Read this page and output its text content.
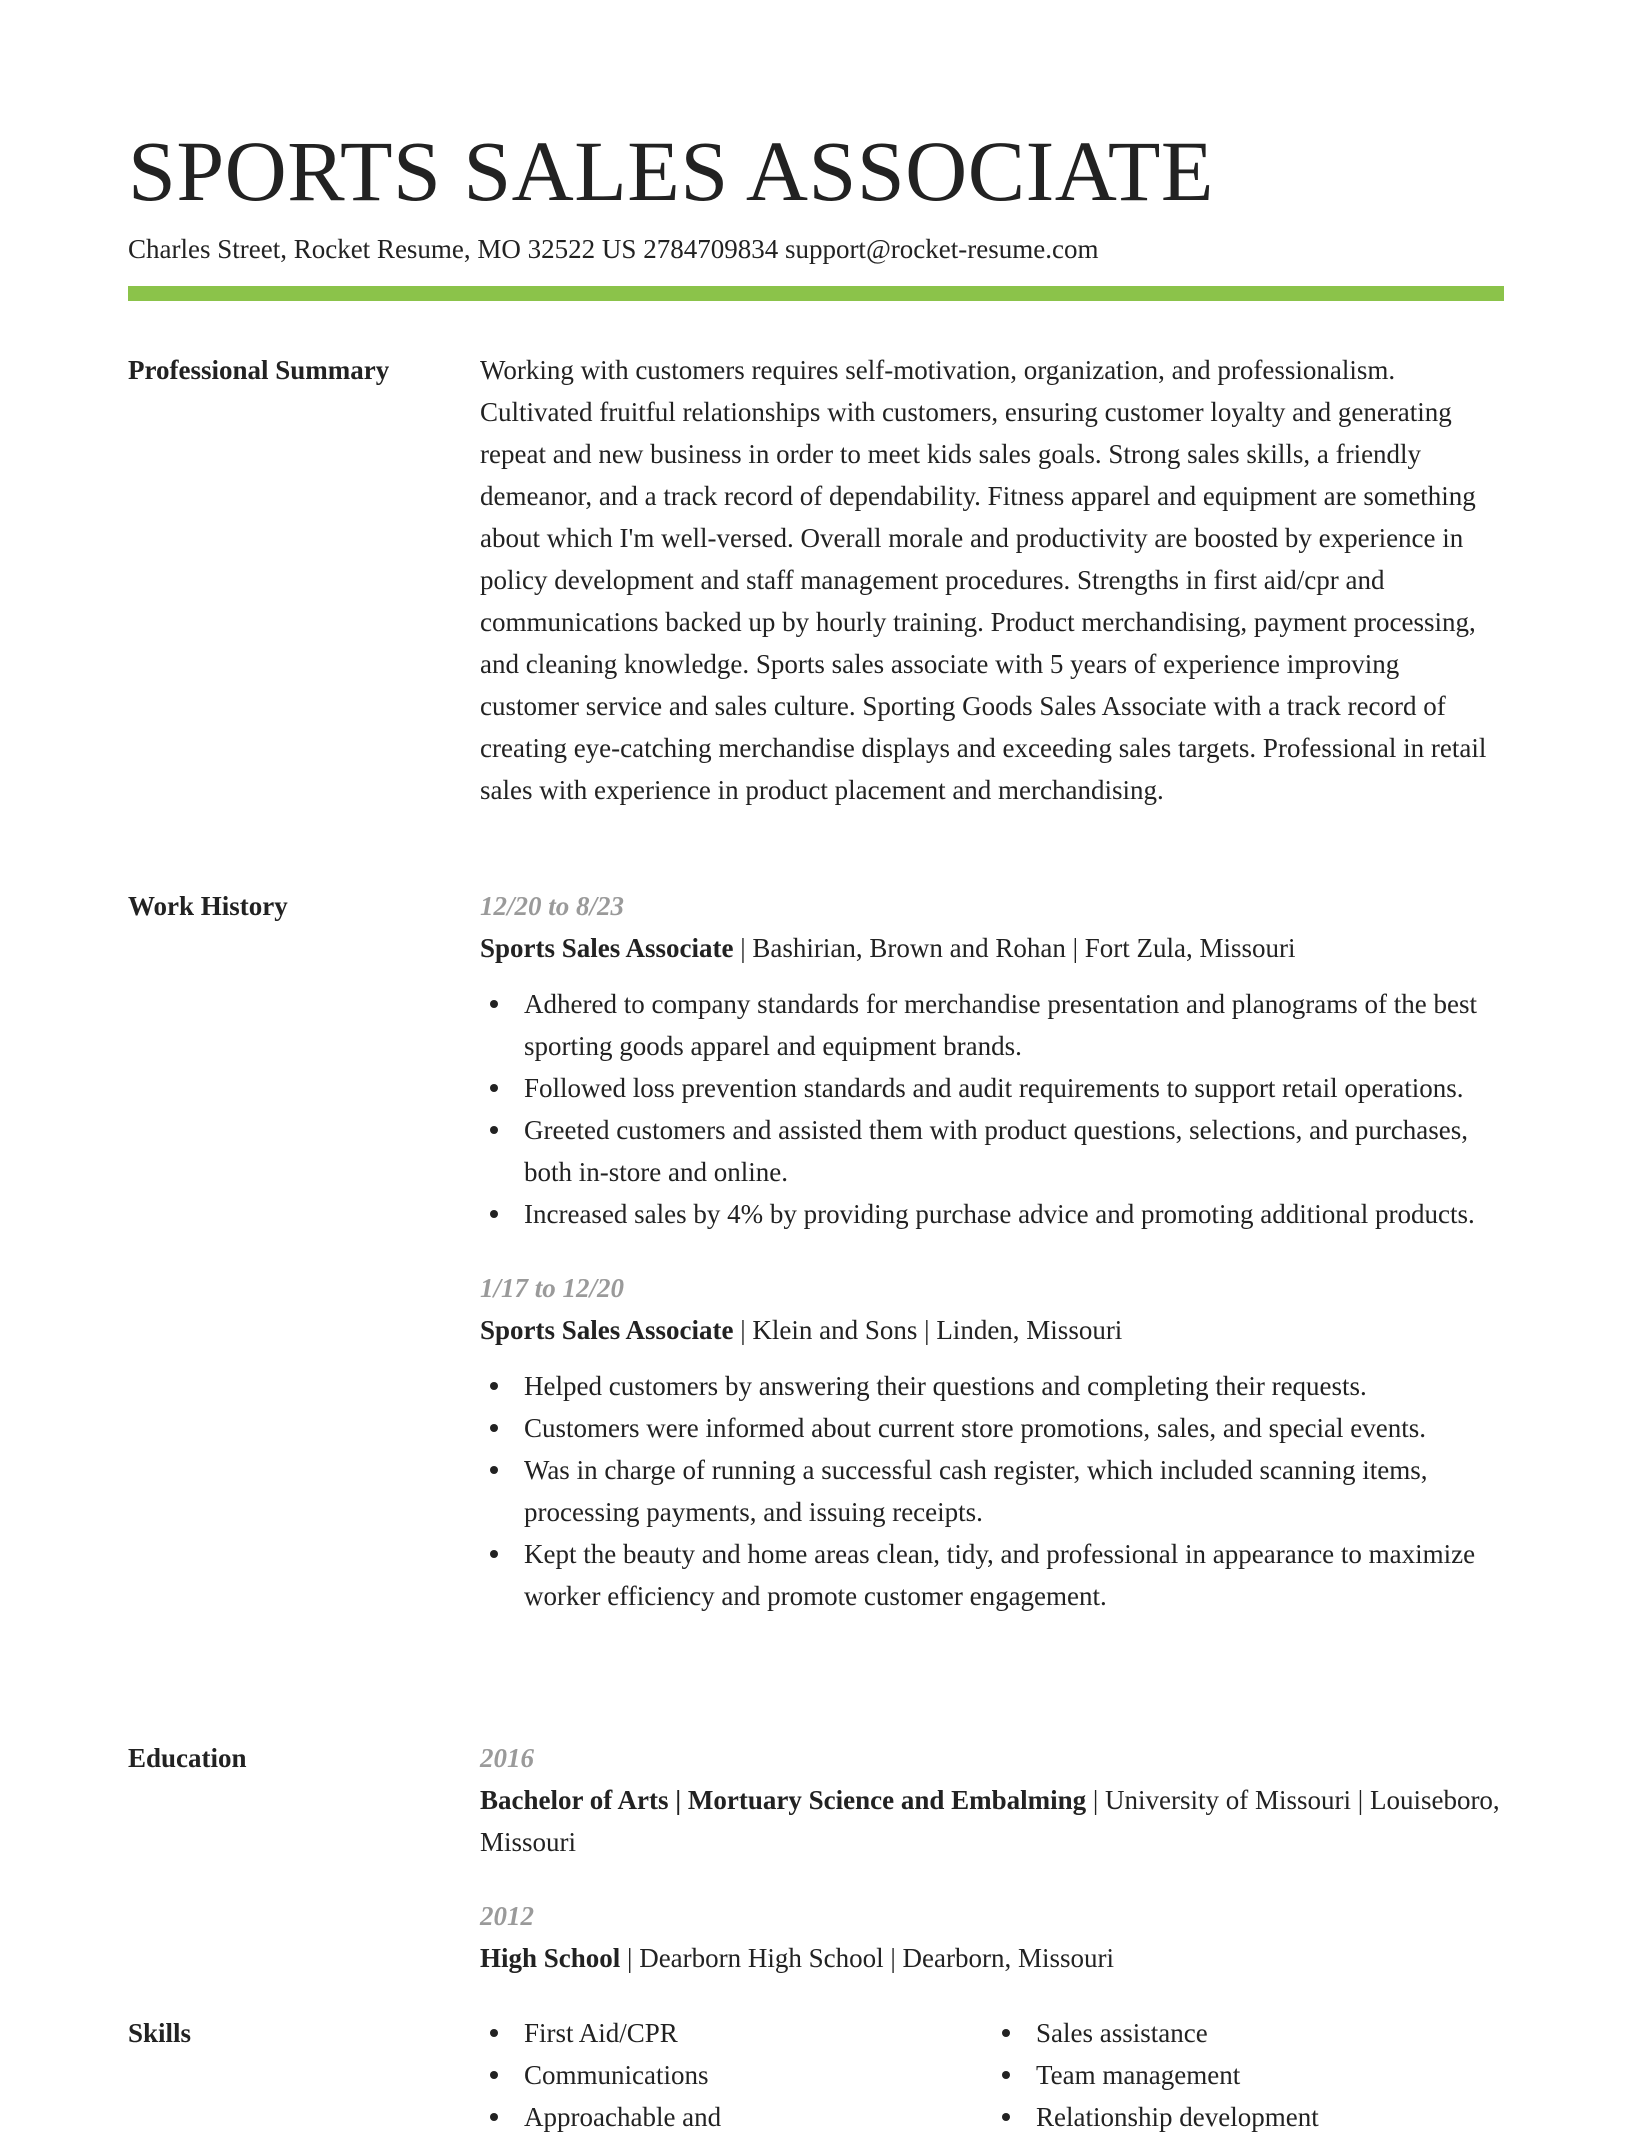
SPORTS SALES ASSOCIATE
Charles Street, Rocket Resume, MO 32522 US 2784709834 support@rocket-resume.com
Professional Summary	Working with customers requires self-motivation, organization, and professionalism. Cultivated fruitful relationships with customers, ensuring customer loyalty and generating repeat and new business in order to meet kids sales goals. Strong sales skills, a friendly demeanor, and a track record of dependability. Fitness apparel and equipment are something about which I'm well-versed. Overall morale and productivity are boosted by experience in policy development and staff management procedures. Strengths in first aid/cpr and communications backed up by hourly training. Product merchandising, payment processing, and cleaning knowledge. Sports sales associate with 5 years of experience improving customer service and sales culture. Sporting Goods Sales Associate with a track record of creating eye-catching merchandise displays and exceeding sales targets. Professional in retail sales with experience in product placement and merchandising.

Work History	12/20 to 8/23
Sports Sales Associate | Bashirian, Brown and Rohan | Fort Zula, Missouri
Adhered to company standards for merchandise presentation and planograms of the best sporting goods apparel and equipment brands.
Followed loss prevention standards and audit requirements to support retail operations.
Greeted customers and assisted them with product questions, selections, and purchases, both in-store and online.
Increased sales by 4% by providing purchase advice and promoting additional products.
1/17 to 12/20
Sports Sales Associate | Klein and Sons | Linden, Missouri
Helped customers by answering their questions and completing their requests.
Customers were informed about current store promotions, sales, and special events.
Was in charge of running a successful cash register, which included scanning items, processing payments, and issuing receipts.
Kept the beauty and home areas clean, tidy, and professional in appearance to maximize worker efficiency and promote customer engagement.
Education	2016
Bachelor of Arts | Mortuary Science and Embalming | University of Missouri | Louiseboro, Missouri
2012
High School | Dearborn High School | Dearborn, Missouri
Skills	First Aid/CPR
Communications
Approachable and
Sales assistance
Team management
Relationship development
